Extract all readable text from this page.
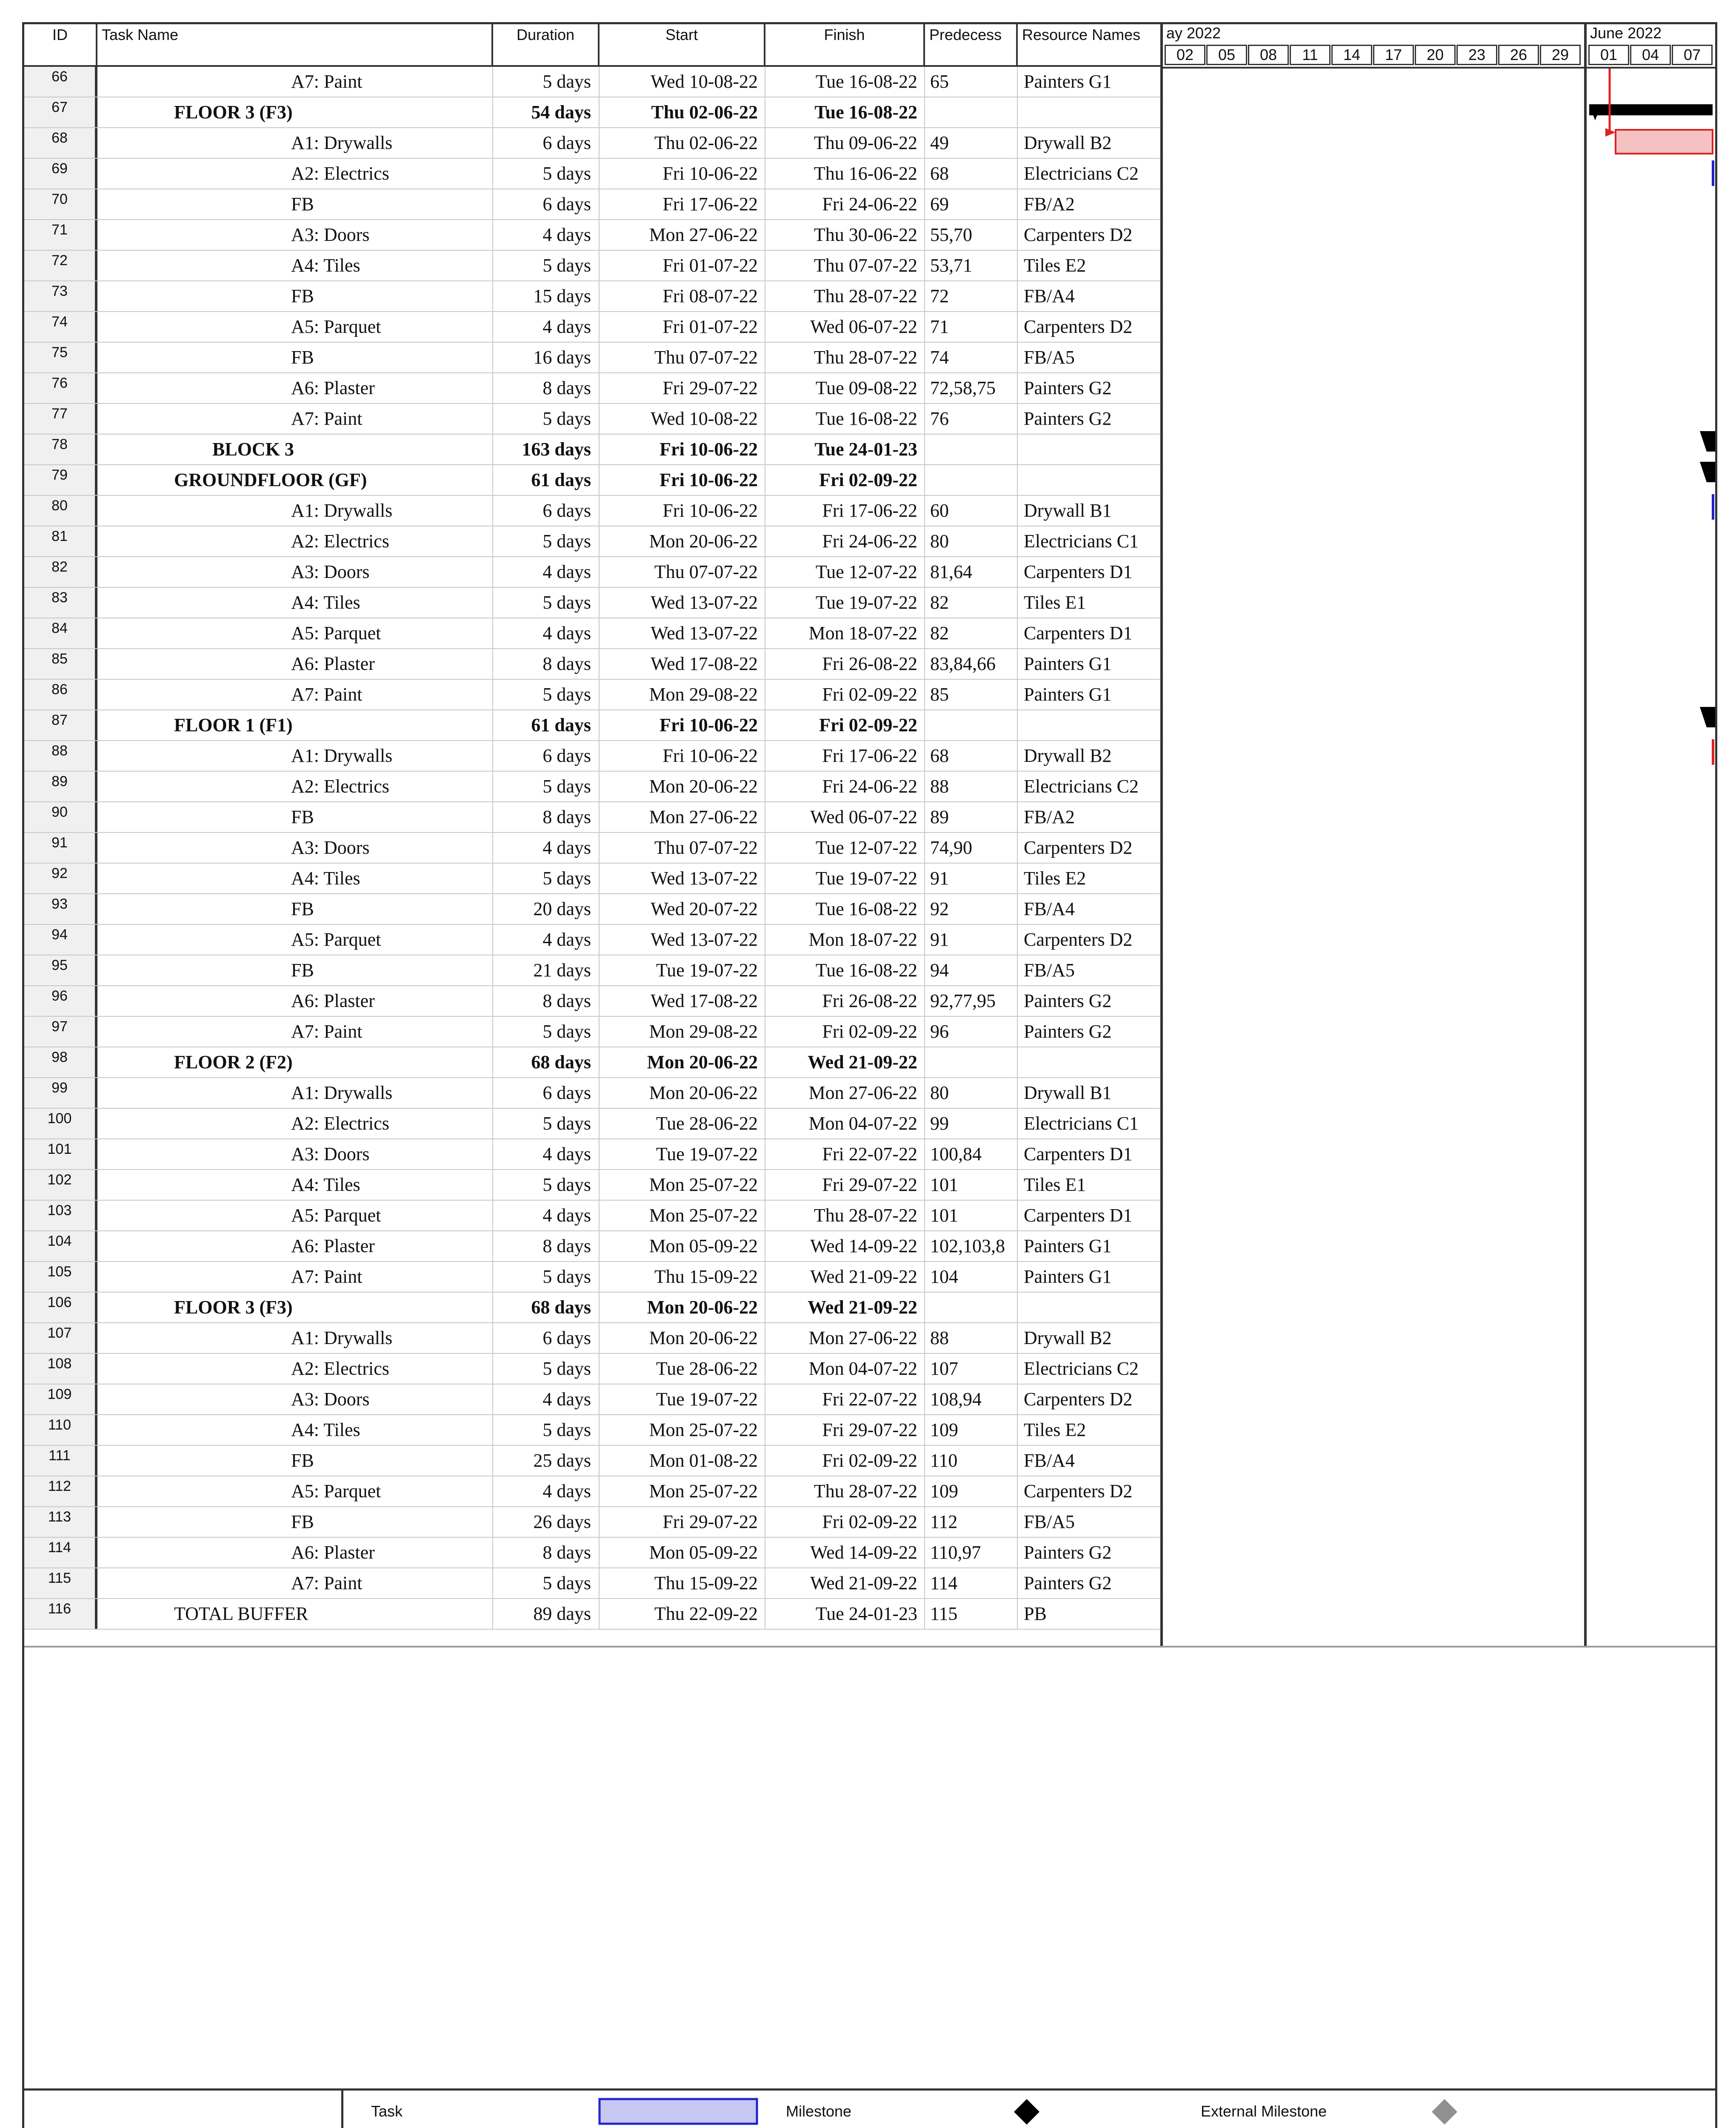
ID	Task Name	Duration	Start	Finish	Predecess	Resource Names
66	A7: Paint	5 days	Wed 10-08-22	Tue 16-08-22 65	Painters G1
67	FLOOR 3 (F3)	54 days	Thu 02-06-22	Tue 16-08-22
68	A1: Drywalls	6 days	Thu 02-06-22	Thu 09-06-22 49	Drywall B2
69	A2: Electrics	5 days	Fri 10-06-22	Thu 16-06-22 68	Electricians C2
70	FB	6 days	Fri 17-06-22	Fri 24-06-22 69	FB/A2
71	A3: Doors	4 days	Mon 27-06-22	Thu 30-06-22 55,70	Carpenters D2
72	A4: Tiles	5 days	Fri 01-07-22	Thu 07-07-22 53,71	Tiles E2
73	FB	15 days	Fri 08-07-22	Thu 28-07-22 72	FB/A4
74	A5: Parquet	4 days	Fri 01-07-22	Wed 06-07-22 71	Carpenters D2
75	FB	16 days	Thu 07-07-22	Thu 28-07-22 74	FB/A5
76	A6: Plaster	8 days	Fri 29-07-22	Tue 09-08-22 72,58,75	Painters G2
77	A7: Paint	5 days	Wed 10-08-22	Tue 16-08-22 76	Painters G2
78	BLOCK 3	163 days	Fri 10-06-22	Tue 24-01-23
79	GROUNDFLOOR (GF)	61 days	Fri 10-06-22	Fri 02-09-22
80	A1: Drywalls	6 days	Fri 10-06-22	Fri 17-06-22 60	Drywall B1
81	A2: Electrics	5 days	Mon 20-06-22	Fri 24-06-22 80	Electricians C1
82	A3: Doors	4 days	Thu 07-07-22	Tue 12-07-22 81,64	Carpenters D1
83	A4: Tiles	5 days	Wed 13-07-22	Tue 19-07-22 82	Tiles E1
84	A5: Parquet	4 days	Wed 13-07-22	Mon 18-07-22 82	Carpenters D1
85	A6: Plaster	8 days	Wed 17-08-22	Fri 26-08-22 83,84,66	Painters G1
86	A7: Paint	5 days	Mon 29-08-22	Fri 02-09-22 85	Painters G1
87	FLOOR 1 (F1)	61 days	Fri 10-06-22	Fri 02-09-22
88	A1: Drywalls	6 days	Fri 10-06-22	Fri 17-06-22 68	Drywall B2
89	A2: Electrics	5 days	Mon 20-06-22	Fri 24-06-22 88	Electricians C2
90	FB	8 days	Mon 27-06-22	Wed 06-07-22 89	FB/A2
91	A3: Doors	4 days	Thu 07-07-22	Tue 12-07-22 74,90	Carpenters D2
92	A4: Tiles	5 days	Wed 13-07-22	Tue 19-07-22 91	Tiles E2
93	FB	20 days	Wed 20-07-22	Tue 16-08-22 92	FB/A4
94	A5: Parquet	4 days	Wed 13-07-22	Mon 18-07-22 91	Carpenters D2
95	FB	21 days	Tue 19-07-22	Tue 16-08-22 94	FB/A5
96	A6: Plaster	8 days	Wed 17-08-22	Fri 26-08-22 92,77,95	Painters G2
97	A7: Paint	5 days	Mon 29-08-22	Fri 02-09-22 96	Painters G2
98	FLOOR 2 (F2)	68 days	Mon 20-06-22	Wed 21-09-22
99	A1: Drywalls	6 days	Mon 20-06-22	Mon 27-06-22 80	Drywall B1
100	A2: Electrics	5 days	Tue 28-06-22	Mon 04-07-22 99	Electricians C1
101	A3: Doors	4 days	Tue 19-07-22	Fri 22-07-22 100,84	Carpenters D1
102	A4: Tiles	5 days	Mon 25-07-22	Fri 29-07-22 101	Tiles E1
103	A5: Parquet	4 days	Mon 25-07-22	Thu 28-07-22 101	Carpenters D1
104	A6: Plaster	8 days	Mon 05-09-22	Wed 14-09-22 102,103,8	Painters G1
105	A7: Paint	5 days	Thu 15-09-22	Wed 21-09-22 104	Painters G1
106	FLOOR 3 (F3)	68 days	Mon 20-06-22	Wed 21-09-22
107	A1: Drywalls	6 days	Mon 20-06-22	Mon 27-06-22 88	Drywall B2
108	A2: Electrics	5 days	Tue 28-06-22	Mon 04-07-22 107	Electricians C2
109	A3: Doors	4 days	Tue 19-07-22	Fri 22-07-22 108,94	Carpenters D2
110	A4: Tiles	5 days	Mon 25-07-22	Fri 29-07-22 109	Tiles E2
111	FB	25 days	Mon 01-08-22	Fri 02-09-22 110	FB/A4
112	A5: Parquet	4 days	Mon 25-07-22	Thu 28-07-22 109	Carpenters D2
113	FB	26 days	Fri 29-07-22	Fri 02-09-22 112	FB/A5
114	A6: Plaster	8 days	Mon 05-09-22	Wed 14-09-22 110,97	Painters G2
115	A7: Paint	5 days	Thu 15-09-22	Wed 21-09-22 114	Painters G2
116	TOTAL BUFFER	89 days	Thu 22-09-22	Tue 24-01-23 115	PB
ay 2022	June 2022
02	05	08	11	14	17	20	23	26	29	01	04	07
Task	Milestone	External Milestone
